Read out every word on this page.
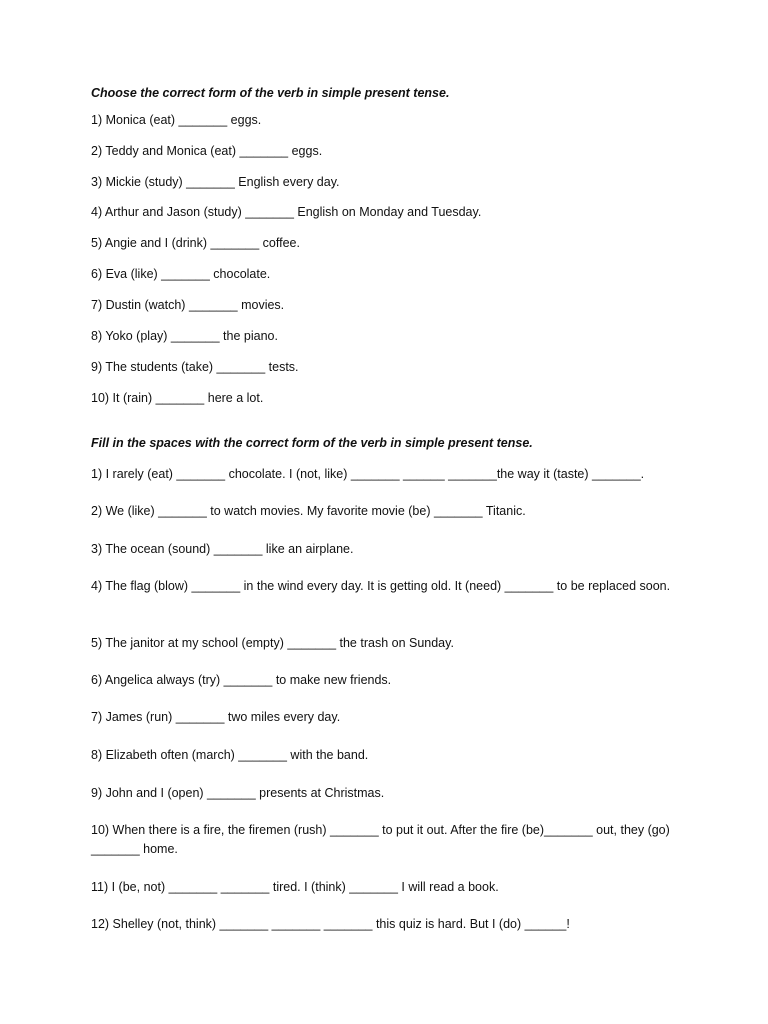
Choose the correct form of the verb in simple present tense.
1) Monica (eat) _______ eggs.
2) Teddy and Monica (eat) _______ eggs.
3) Mickie (study) _______ English every day.
4) Arthur and Jason (study) _______ English on Monday and Tuesday.
5) Angie and I (drink) _______ coffee.
6) Eva (like) _______ chocolate.
7) Dustin (watch) _______ movies.
8) Yoko (play) _______ the piano.
9) The students (take) _______ tests.
10) It (rain) _______ here a lot.
Fill in the spaces with the correct form of the verb in simple present tense.
1) I rarely (eat) _______ chocolate. I (not, like) _______ ______ _______the way it (taste) _______.
2) We (like) _______ to watch movies. My favorite movie (be) _______ Titanic.
3) The ocean (sound) _______ like an airplane.
4) The flag (blow) _______ in the wind every day. It is getting old. It (need) _______ to be replaced soon.
5) The janitor at my school (empty) _______ the trash on Sunday.
6) Angelica always (try) _______ to make new friends.
7) James (run) _______ two miles every day.
8) Elizabeth often (march) _______ with the band.
9) John and I (open) _______ presents at Christmas.
10) When there is a fire, the firemen (rush) _______ to put it out. After the fire (be)_______ out, they (go) _______ home.
11) I (be, not) _______ _______ tired. I (think) _______ I will read a book.
12) Shelley (not, think) _______ _______ _______ this quiz is hard. But I (do) ______!
